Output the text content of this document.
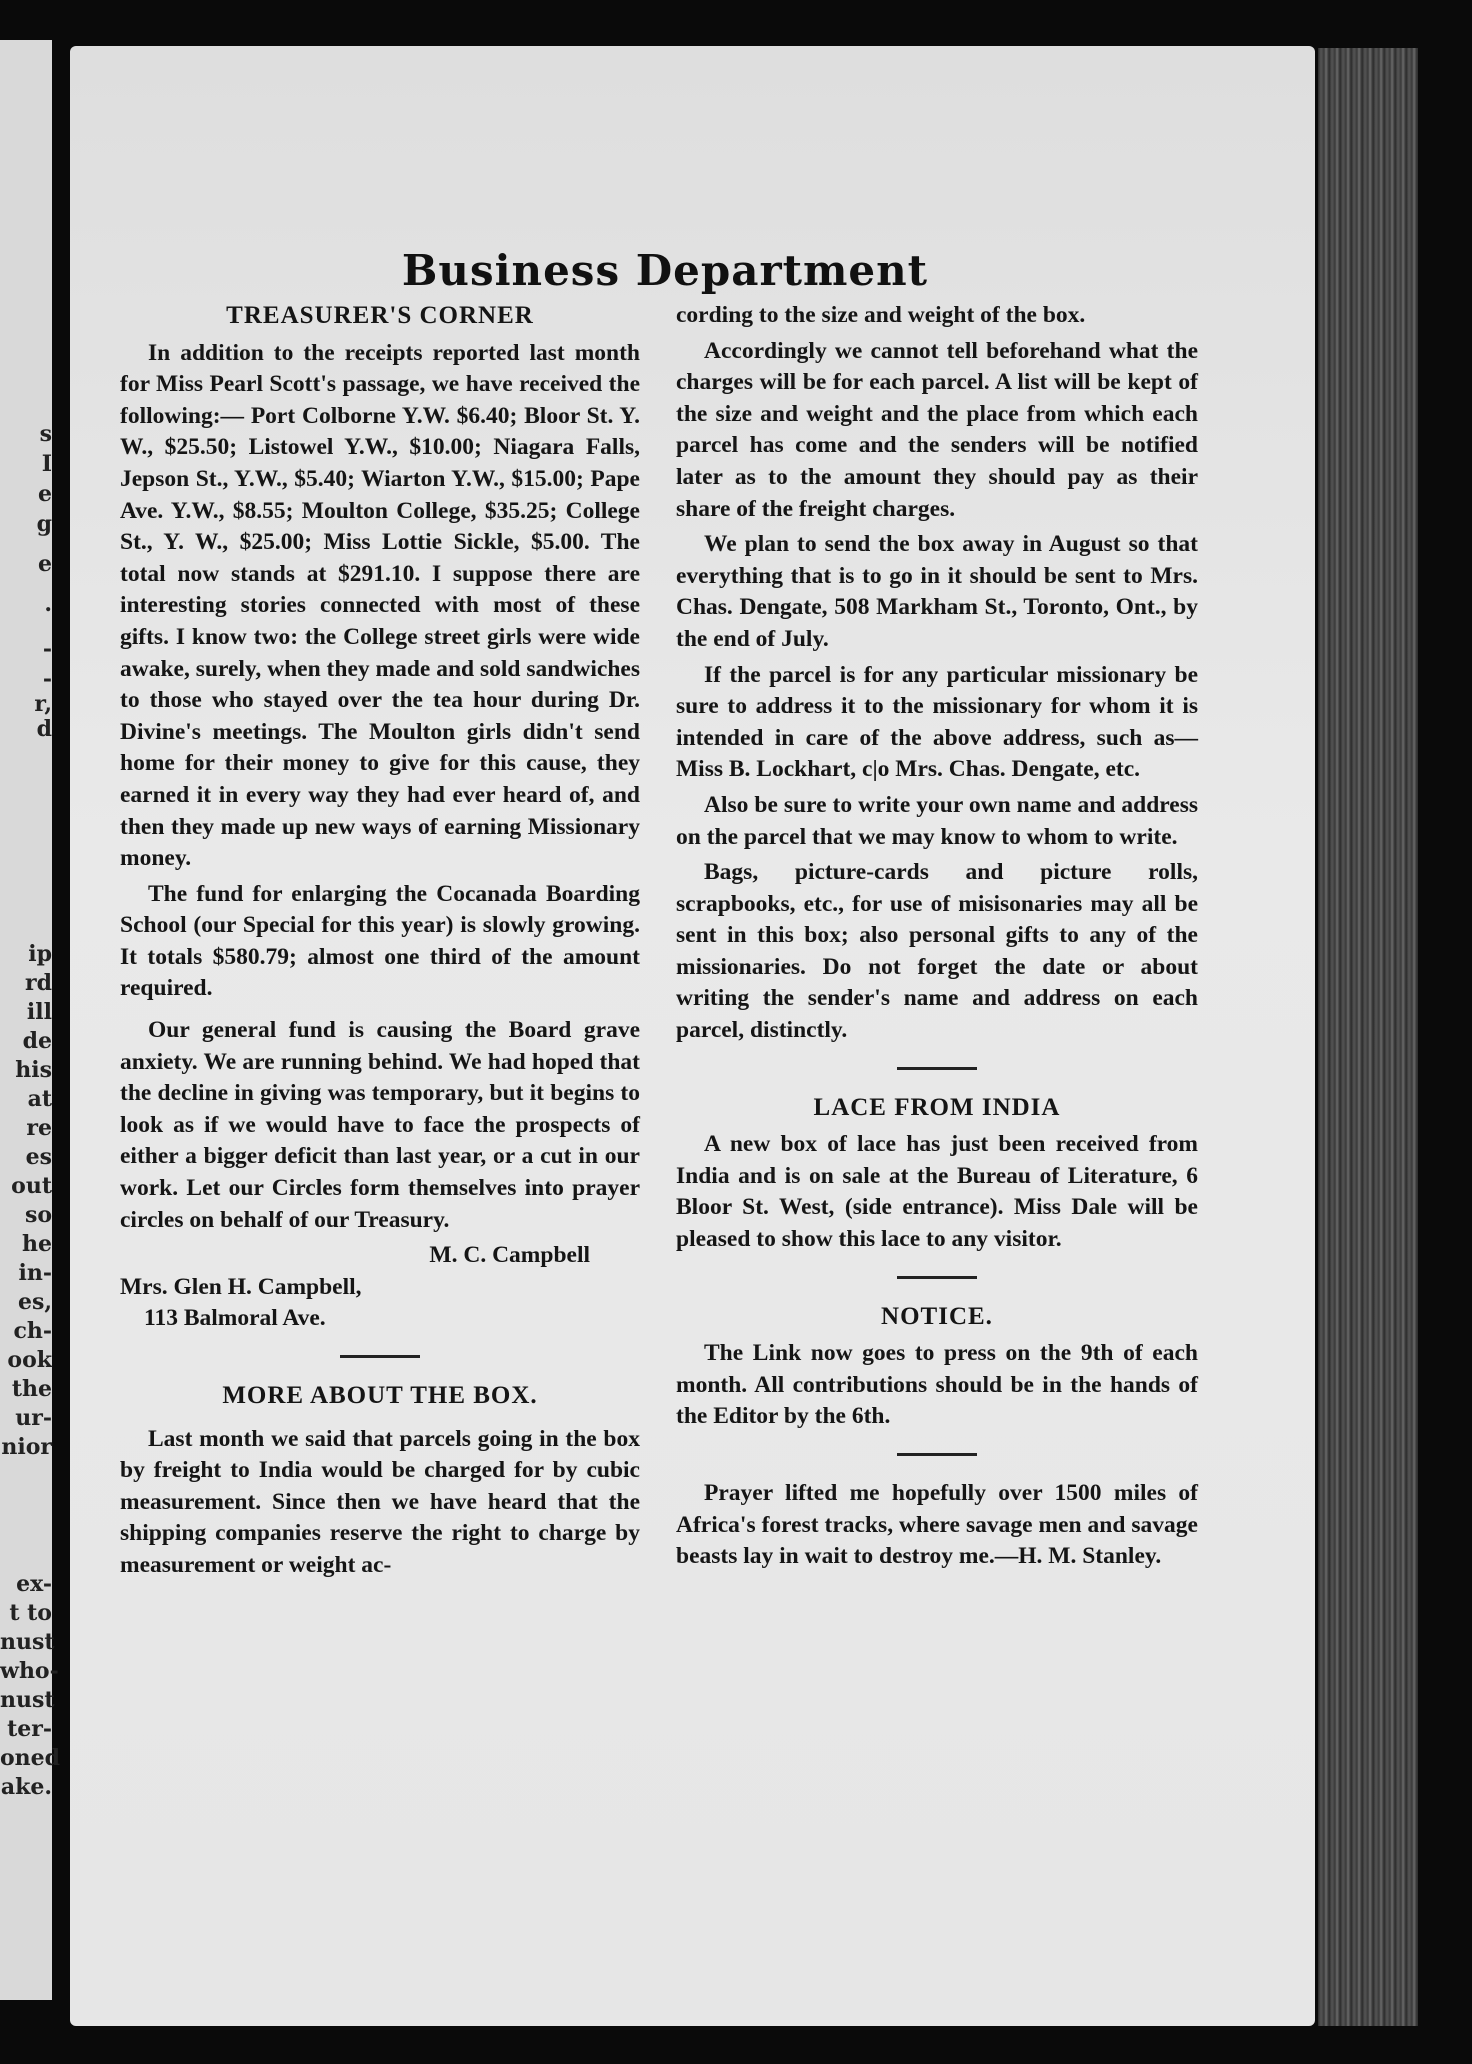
s
I
e
g
e
.
-
-
r,
d
ip
rd
ill
de
his
at
re
es
out
so
he
in-
es,
ch-
ook
the
ur-
nior
ex-
t to
nust
who-
nust
ter-
oned
ake.
Business Department
TREASURER'S CORNER

In addition to the receipts reported last month for Miss Pearl Scott's passage, we have received the following:— Port Colborne Y.W. $6.40; Bloor St. Y. W., $25.50; Listowel Y.W., $10.00; Niagara Falls, Jepson St., Y.W., $5.40; Wiarton Y.W., $15.00; Pape Ave. Y.W., $8.55; Moulton College, $35.25; College St., Y. W., $25.00; Miss Lottie Sickle, $5.00. The total now stands at $291.10. I suppose there are interesting stories connected with most of these gifts. I know two: the College street girls were wide awake, surely, when they made and sold sandwiches to those who stayed over the tea hour during Dr. Divine's meetings. The Moulton girls didn't send home for their money to give for this cause, they earned it in every way they had ever heard of, and then they made up new ways of earning Missionary money.

The fund for enlarging the Cocanada Boarding School (our Special for this year) is slowly growing. It totals $580.79; almost one third of the amount required.

Our general fund is causing the Board grave anxiety. We are running behind. We had hoped that the decline in giving was temporary, but it begins to look as if we would have to face the prospects of either a bigger deficit than last year, or a cut in our work. Let our Circles form themselves into prayer circles on behalf of our Treasury.

M. C. Campbell
Mrs. Glen H. Campbell,
113 Balmoral Ave.
MORE ABOUT THE BOX.

Last month we said that parcels going in the box by freight to India would be charged for by cubic measurement. Since then we have heard that the shipping companies reserve the right to charge by measurement or weight ac-

cording to the size and weight of the box.

Accordingly we cannot tell beforehand what the charges will be for each parcel. A list will be kept of the size and weight and the place from which each parcel has come and the senders will be notified later as to the amount they should pay as their share of the freight charges.

We plan to send the box away in August so that everything that is to go in it should be sent to Mrs. Chas. Dengate, 508 Markham St., Toronto, Ont., by the end of July.

If the parcel is for any particular missionary be sure to address it to the missionary for whom it is intended in care of the above address, such as—Miss B. Lockhart, c|o Mrs. Chas. Dengate, etc.

Also be sure to write your own name and address on the parcel that we may know to whom to write.

Bags, picture-cards and picture rolls, scrapbooks, etc., for use of misisonaries may all be sent in this box; also personal gifts to any of the missionaries. Do not forget the date or about writing the sender's name and address on each parcel, distinctly.

LACE FROM INDIA

A new box of lace has just been received from India and is on sale at the Bureau of Literature, 6 Bloor St. West, (side entrance). Miss Dale will be pleased to show this lace to any visitor.

NOTICE.

The Link now goes to press on the 9th of each month. All contributions should be in the hands of the Editor by the 6th.

Prayer lifted me hopefully over 1500 miles of Africa's forest tracks, where savage men and savage beasts lay in wait to destroy me.—H. M. Stanley.
